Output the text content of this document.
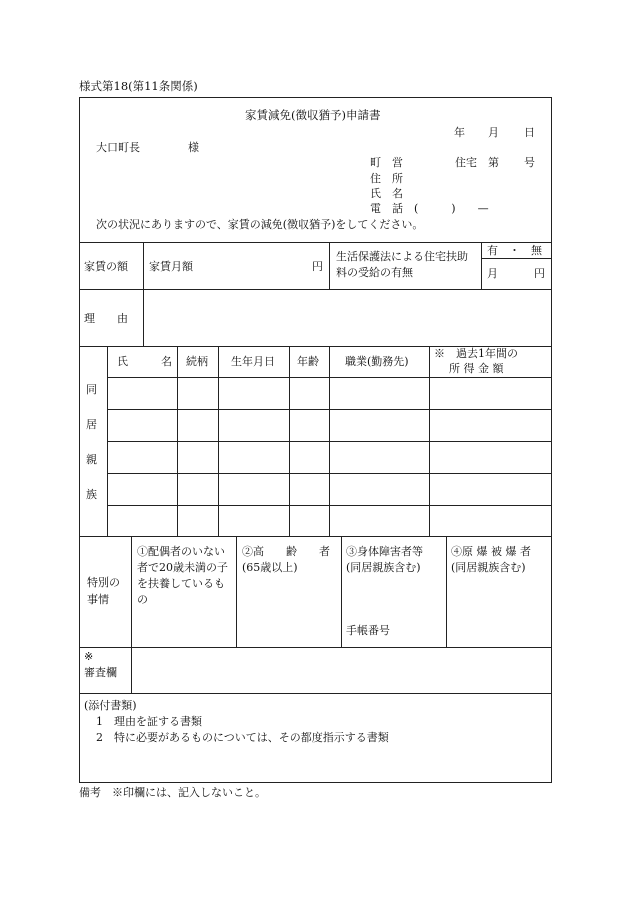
様式第18(第11条関係)
家賃減免(徴収猶予)申請書
年 月 日
大口町長	様
町　営	住宅 第 号
住　所
氏　名
電　話　(　　　)　　—
次の状況にありますので、家賃の減免(徴収猶予)をしてください。
家賃の額 家賃月額	円
生活保護法による住宅扶助
料の受給の有無
有　・　無
月	円
理　　由
氏　　　名 続柄 生年月日 年齢 職業(勤務先)
※　過去1年間の
所 得 金 額
同
居
親
族
特別の
事情
①配偶者のいない
者で20歳未満の子
を扶養しているも
の
②高　　齢　　者
(65歳以上)
③身体障害者等
(同居親族含む)
手帳番号
④原 爆 被 爆 者
(同居親族含む)
※
審査欄
(添付書類)
1　理由を証する書類
2　特に必要があるものについては、その都度指示する書類
備考　※印欄には、記入しないこと。
